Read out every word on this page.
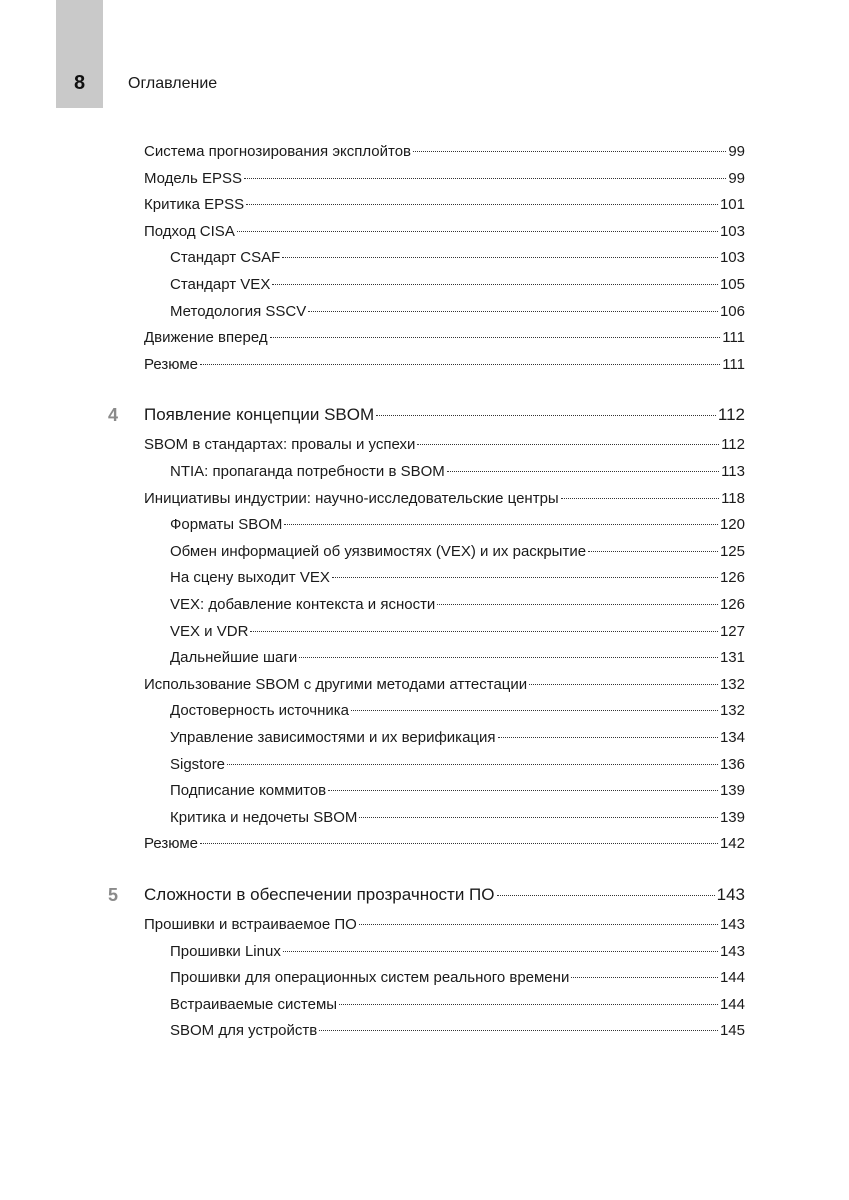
8	Оглавление
Система прогнозирования эксплойтов	99
Модель EPSS	99
Критика EPSS	101
Подход CISA	103
Стандарт CSAF	103
Стандарт VEX	105
Методология SSCV	106
Движение вперед	111
Резюме	111
4 Появление концепции SBOM	112
SBOM в стандартах: провалы и успехи	112
NTIA: пропаганда потребности в SBOM	113
Инициативы индустрии: научно-исследовательские центры	118
Форматы SBOM	120
Обмен информацией об уязвимостях (VEX) и их раскрытие	125
На сцену выходит VEX	126
VEX: добавление контекста и ясности	126
VEX и VDR	127
Дальнейшие шаги	131
Использование SBOM с другими методами аттестации	132
Достоверность источника	132
Управление зависимостями и их верификация	134
Sigstore	136
Подписание коммитов	139
Критика и недочеты SBOM	139
Резюме	142
5 Сложности в обеспечении прозрачности ПО	143
Прошивки и встраиваемое ПО	143
Прошивки Linux	143
Прошивки для операционных систем реального времени	144
Встраиваемые системы	144
SBOM для устройств	145
